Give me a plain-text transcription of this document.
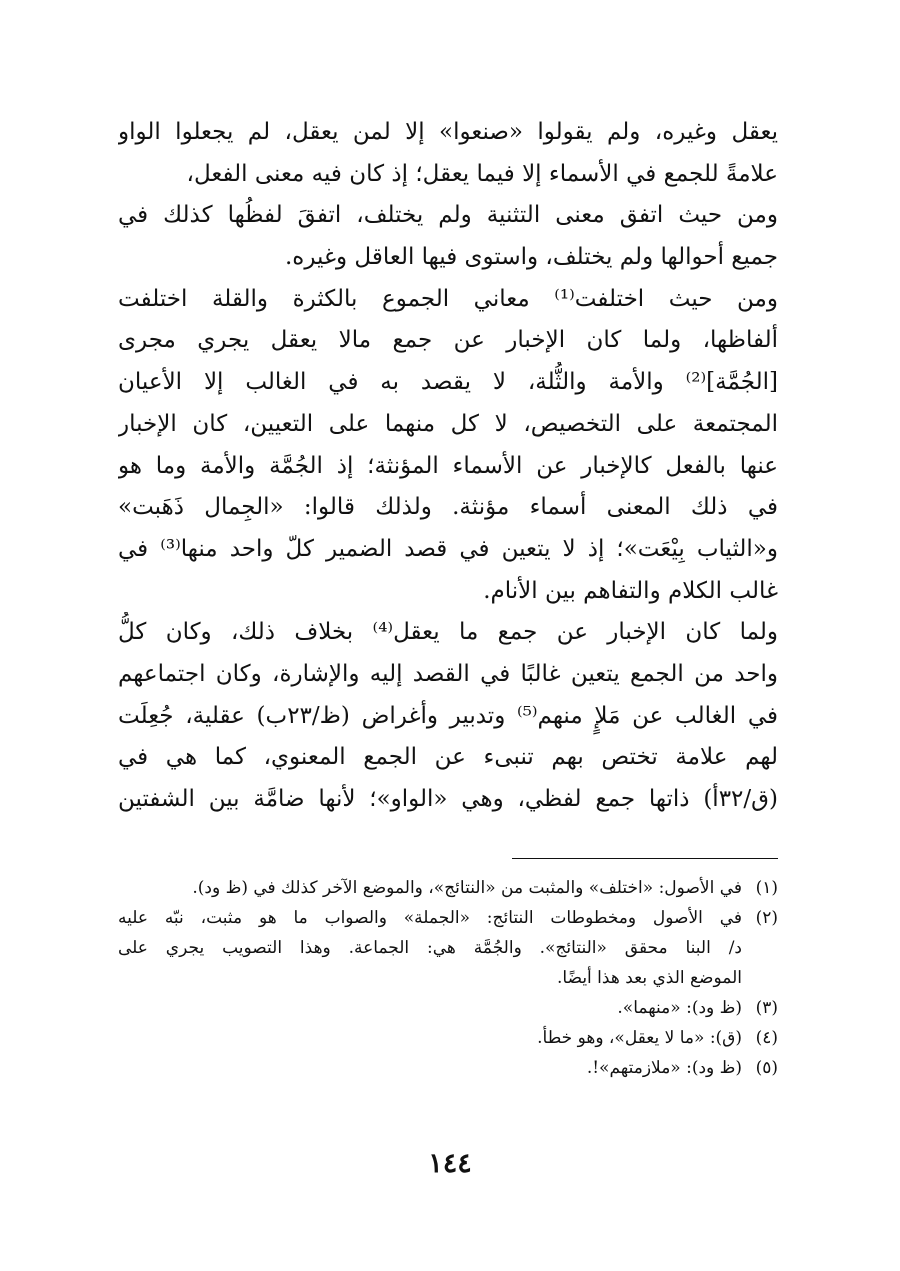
يعقل وغيره، ولم يقولوا «صنعوا» إلا لمن يعقل، لم يجعلوا الواو
علامةً للجمع في الأسماء إلا فيما يعقل؛ إذ كان فيه معنى الفعل،
ومن حيث اتفق معنى التثنية ولم يختلف، اتفقَ لفظُها كذلك في
جميع أحوالها ولم يختلف، واستوى فيها العاقل وغيره.
ومن حيث اختلفت⁽¹⁾ معاني الجموع بالكثرة والقلة اختلفت
ألفاظها، ولما كان الإخبار عن جمع مالا يعقل يجري مجرى
[الجُمَّة]⁽²⁾ والأمة والثُّلة، لا يقصد به في الغالب إلا الأعيان
المجتمعة على التخصيص، لا كل منهما على التعيين، كان الإخبار
عنها بالفعل كالإخبار عن الأسماء المؤنثة؛ إذ الجُمَّة والأمة وما هو
في ذلك المعنى أسماء مؤنثة. ولذلك قالوا: «الجِمال ذَهَبت»
و«الثياب بِيْعَت»؛ إذ لا يتعين في قصد الضمير كلّ واحد منها⁽³⁾ في
غالب الكلام والتفاهم بين الأنام.
ولما كان الإخبار عن جمع ما يعقل⁽⁴⁾ بخلاف ذلك، وكان كلُّ
واحد من الجمع يتعين غالبًا في القصد إليه والإشارة، وكان اجتماعهم
في الغالب عن مَلإٍ منهم⁽⁵⁾ وتدبير وأغراض (ظ/٢٣ب) عقلية، جُعِلَت
لهم علامة تختص بهم تنبىء عن الجمع المعنوي، كما هي في
(ق/٣٢أ) ذاتها جمع لفظي، وهي «الواو»؛ لأنها ضامَّة بين الشفتين
(١)
في الأصول: «اختلف» والمثبت من «النتائج»، والموضع الآخر كذلك في (ظ ود).
(٢)
في الأصول ومخطوطات النتائج: «الجملة» والصواب ما هو مثبت، نبّه عليه
د/ البنا محقق «النتائج». والجُمَّة هي: الجماعة. وهذا التصويب يجري على
الموضع الذي بعد هذا أيضًا.
(٣)
(ظ ود): «منهما».
(٤)
(ق): «ما لا يعقل»، وهو خطأ.
(٥)
(ظ ود): «ملازمتهم»!.
١٤٤
